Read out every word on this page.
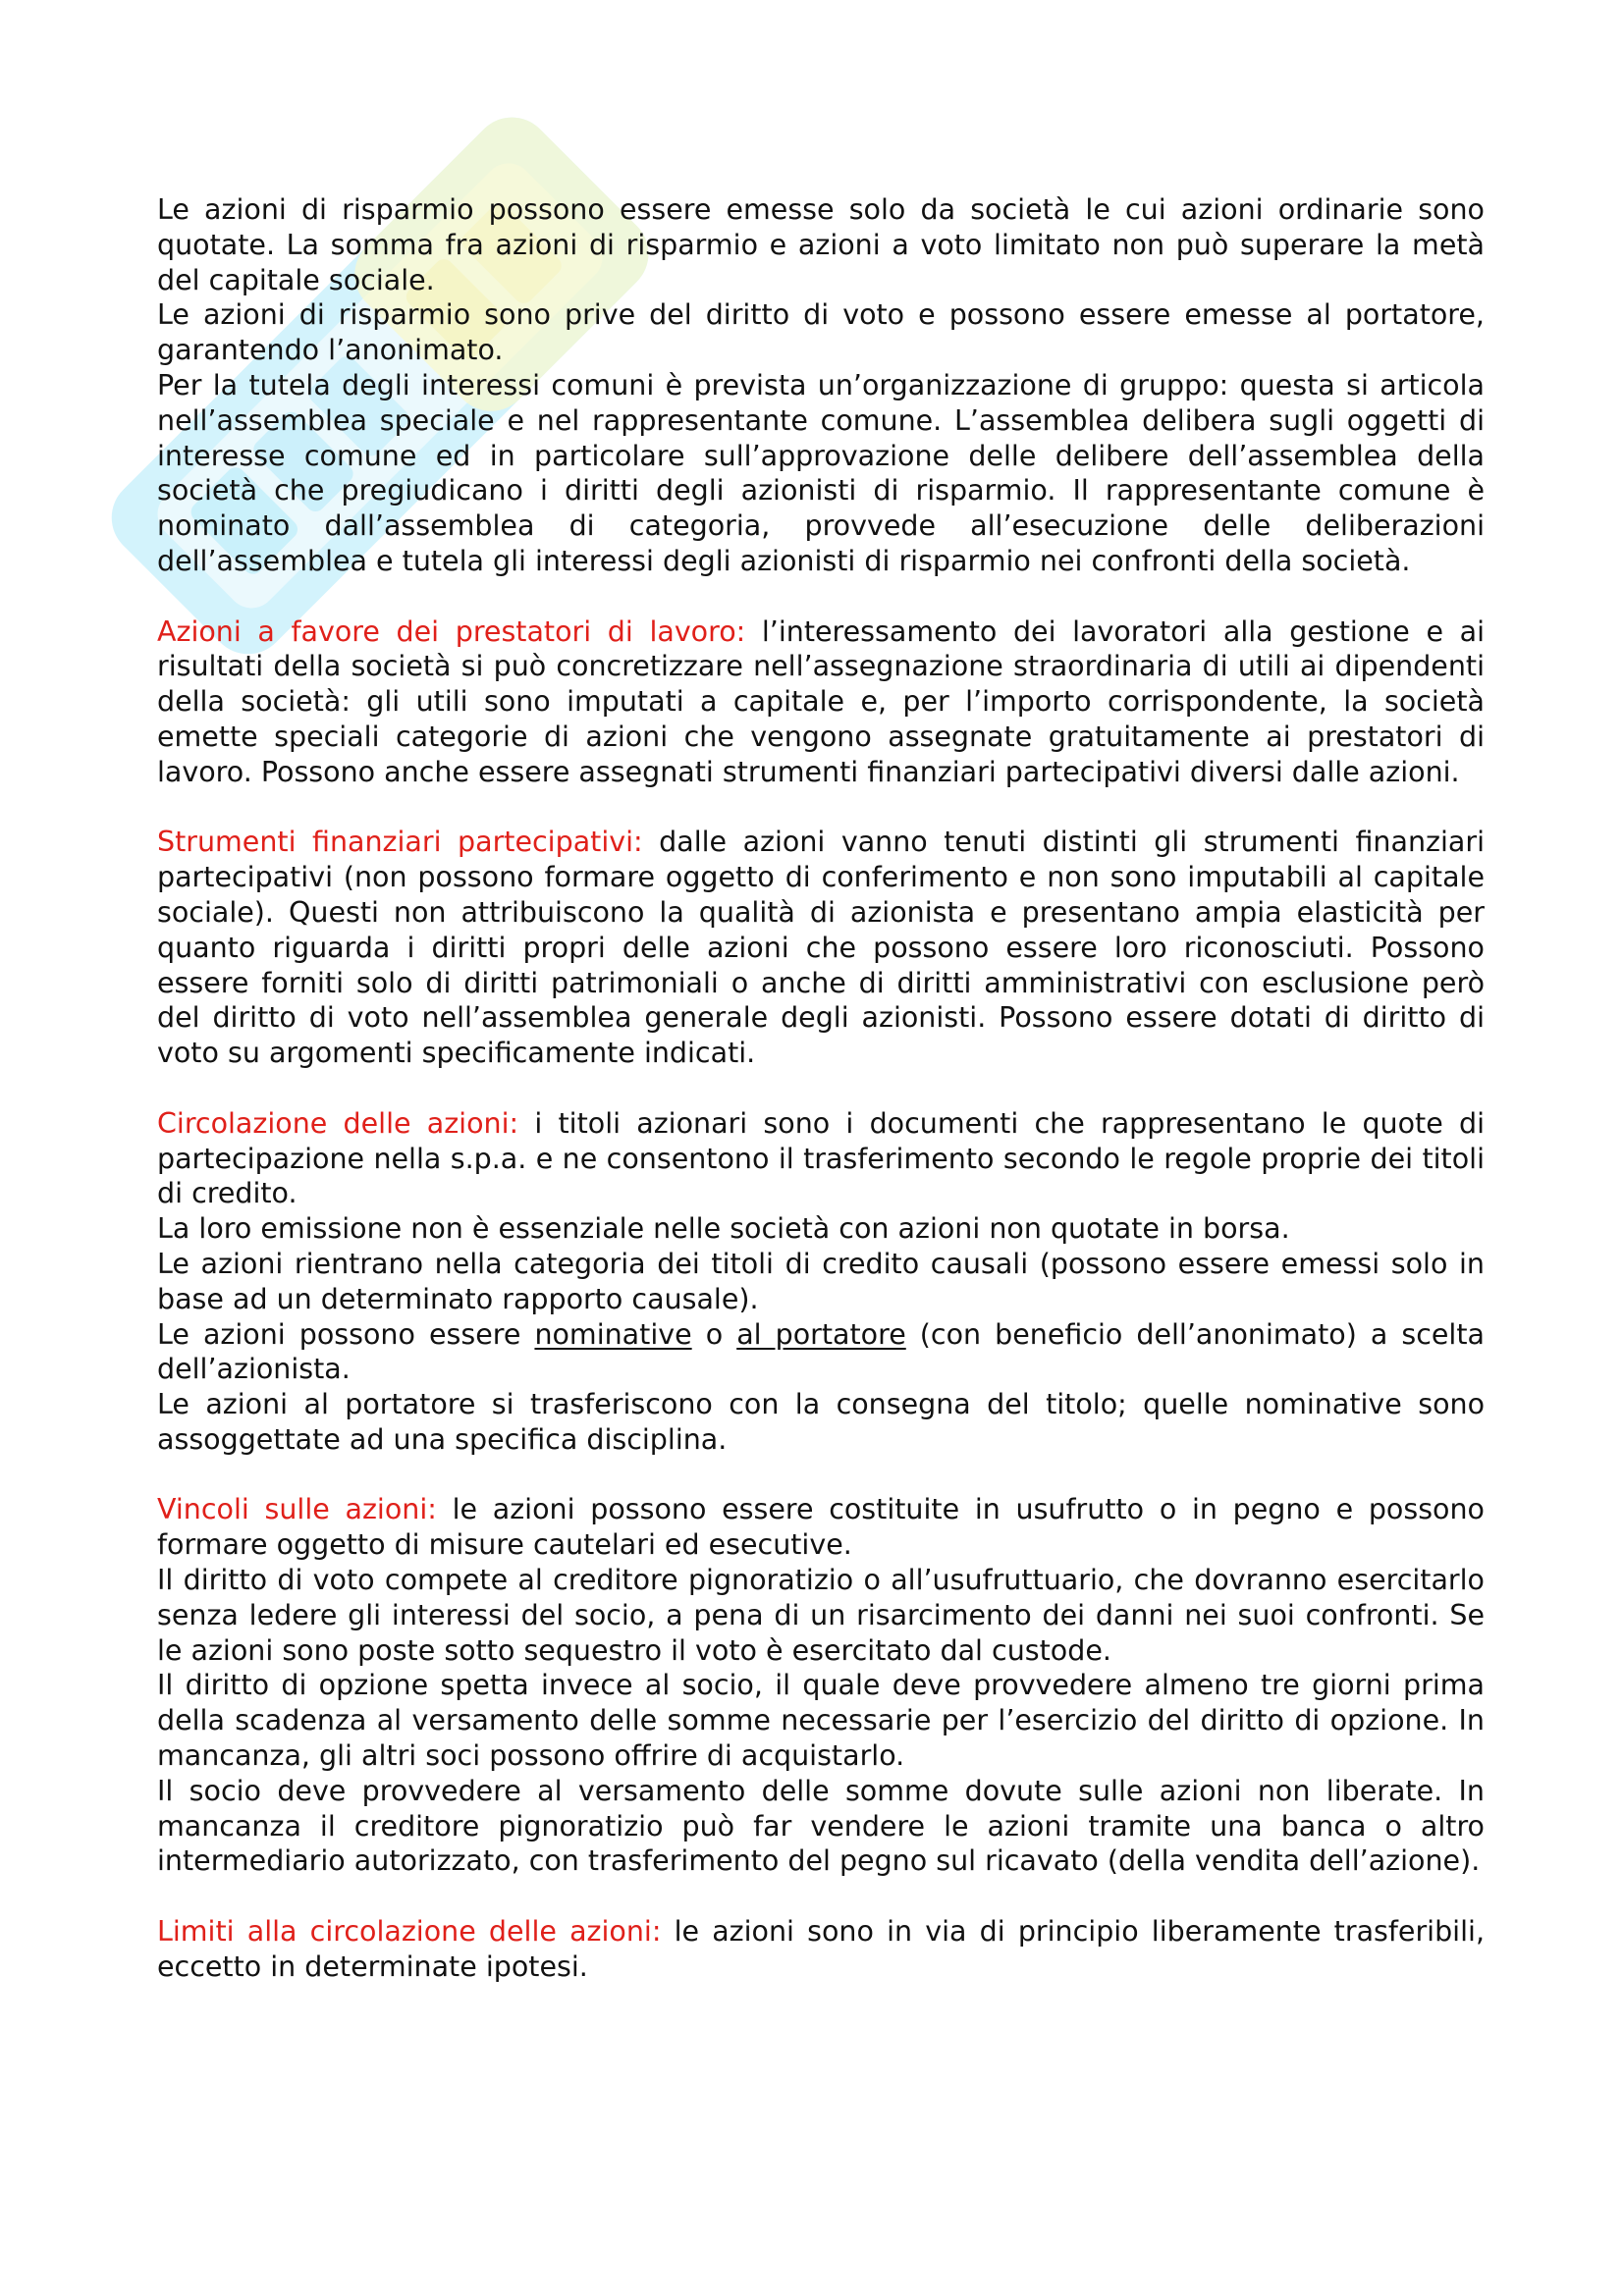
Le azioni di risparmio possono essere emesse solo da società le cui azioni ordinarie sono quotate. La somma fra azioni di risparmio e azioni a voto limitato non può superare la metà del capitale sociale.

Le azioni di risparmio sono prive del diritto di voto e possono essere emesse al portatore, garantendo l’anonimato.

Per la tutela degli interessi comuni è prevista un’organizzazione di gruppo: questa si articola nell’assemblea speciale e nel rappresentante comune. L’assemblea delibera sugli oggetti di interesse comune ed in particolare sull’approvazione delle delibere dell’assemblea della società che pregiudicano i diritti degli azionisti di risparmio. Il rappresentante comune è nominato dall’assemblea di categoria, provvede all’esecuzione delle deliberazioni dell’assemblea e tutela gli interessi degli azionisti di risparmio nei confronti della società.

Azioni a favore dei prestatori di lavoro: l’interessamento dei lavoratori alla gestione e ai risultati della società si può concretizzare nell’assegnazione straordinaria di utili ai dipendenti della società: gli utili sono imputati a capitale e, per l’importo corrispondente, la società emette speciali categorie di azioni che vengono assegnate gratuitamente ai prestatori di lavoro. Possono anche essere assegnati strumenti finanziari partecipativi diversi dalle azioni.

Strumenti finanziari partecipativi: dalle azioni vanno tenuti distinti gli strumenti finanziari partecipativi (non possono formare oggetto di conferimento e non sono imputabili al capitale sociale). Questi non attribuiscono la qualità di azionista e presentano ampia elasticità per quanto riguarda i diritti propri delle azioni che possono essere loro riconosciuti. Possono essere forniti solo di diritti patrimoniali o anche di diritti amministrativi con esclusione però del diritto di voto nell’assemblea generale degli azionisti. Possono essere dotati di diritto di voto su argomenti specificamente indicati.

Circolazione delle azioni: i titoli azionari sono i documenti che rappresentano le quote di partecipazione nella s.p.a. e ne consentono il trasferimento secondo le regole proprie dei titoli di credito.

La loro emissione non è essenziale nelle società con azioni non quotate in borsa.

Le azioni rientrano nella categoria dei titoli di credito causali (possono essere emessi solo in base ad un determinato rapporto causale).

Le azioni possono essere nominative o al portatore (con beneficio dell’anonimato) a scelta dell’azionista.

Le azioni al portatore si trasferiscono con la consegna del titolo; quelle nominative sono assoggettate ad una specifica disciplina.

Vincoli sulle azioni: le azioni possono essere costituite in usufrutto o in pegno e possono formare oggetto di misure cautelari ed esecutive.

Il diritto di voto compete al creditore pignoratizio o all’usufruttuario, che dovranno esercitarlo senza ledere gli interessi del socio, a pena di un risarcimento dei danni nei suoi confronti. Se le azioni sono poste sotto sequestro il voto è esercitato dal custode.

Il diritto di opzione spetta invece al socio, il quale deve provvedere almeno tre giorni prima della scadenza al versamento delle somme necessarie per l’esercizio del diritto di opzione. In mancanza, gli altri soci possono offrire di acquistarlo.

Il socio deve provvedere al versamento delle somme dovute sulle azioni non liberate. In mancanza il creditore pignoratizio può far vendere le azioni tramite una banca o altro intermediario autorizzato, con trasferimento del pegno sul ricavato (della vendita dell’azione).

Limiti alla circolazione delle azioni: le azioni sono in via di principio liberamente trasferibili, eccetto in determinate ipotesi.
